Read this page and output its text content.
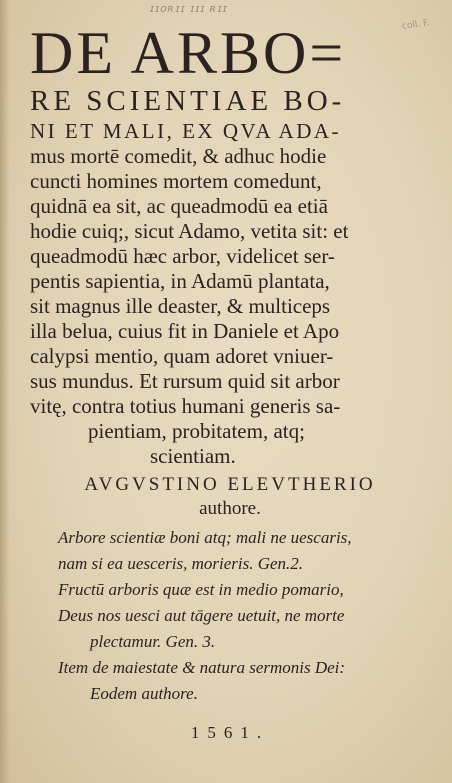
ɪɪoʀɪɪ ɪɪɪ ʀɪɪ
coll. F.
DE ARBO=
RE SCIENTIAE BO-
NI ET MALI, EX QVA ADA-
mus mortē comedit, & adhuc hodie
cuncti homines mortem comedunt,
quidnā ea sit, ac queadmodū ea etiā
hodie cuiq;, sicut Adamo, vetita sit: et
queadmodū hæc arbor, videlicet ser-
pentis sapientia, in Adamū plantata,
sit magnus ille deaster, & multiceps
illa belua, cuius fit in Daniele et Apo
calypsi mentio, quam adoret vniuer-
sus mundus. Et rursum quid sit arbor
vitę, contra totius humani generis sa-
pientiam, probitatem, atq;
scientiam.
AVGVSTINO ELEVTHERIO
authore.
Arbore scientiæ boni atq; mali ne uescaris,
nam si ea uesceris, morieris. Gen.2.
Fructū arboris quæ est in medio pomario,
Deus nos uesci aut tāgere uetuit, ne morte
plectamur. Gen. 3.
Item de maiestate & natura sermonis Dei:
Eodem authore.
1561.
